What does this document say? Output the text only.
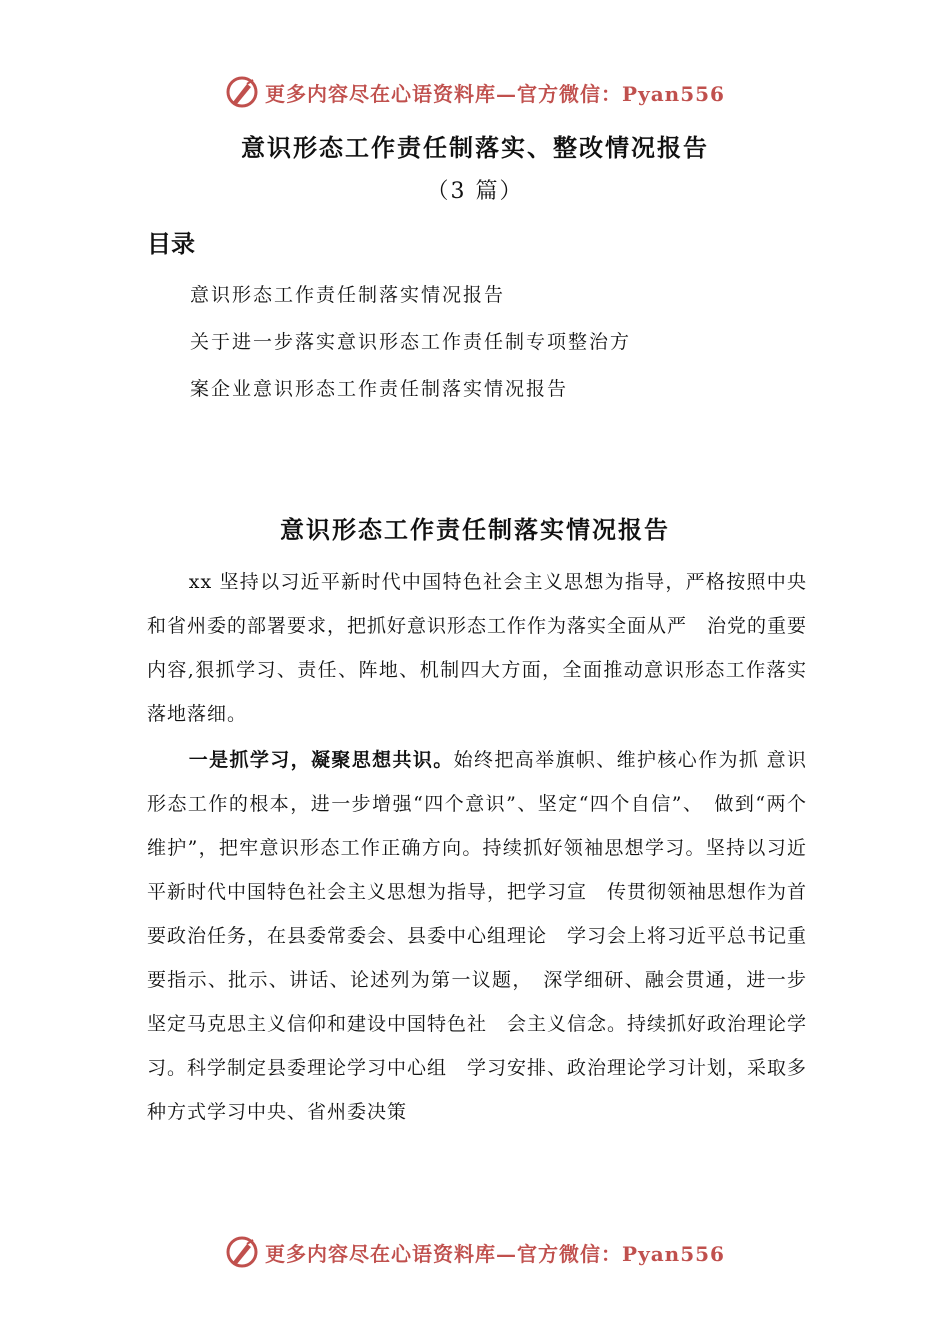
更多内容尽在心语资料库—官方微信：Pyan556
意识形态工作责任制落实、整改情况报告
（3 篇）
目录
意识形态工作责任制落实情况报告
关于进一步落实意识形态工作责任制专项整治方
案企业意识形态工作责任制落实情况报告
意识形态工作责任制落实情况报告

xx 坚持以习近平新时代中国特色社会主义思想为指导，严格按照中央和省州委的部署要求，把抓好意识形态工作作为落实全面从严　治党的重要内容,狠抓学习、责任、阵地、机制四大方面，全面推动意识形态工作落实落地落细。

一是抓学习，凝聚思想共识。始终把高举旗帜、维护核心作为抓 意识形态工作的根本，进一步增强“四个意识”、坚定“四个自信”、　做到“两个维护”，把牢意识形态工作正确方向。持续抓好领袖思想学习。坚持以习近平新时代中国特色社会主义思想为指导，把学习宣　传贯彻领袖思想作为首要政治任务，在县委常委会、县委中心组理论　学习会上将习近平总书记重要指示、批示、讲话、论述列为第一议题，　深学细研、融会贯通，进一步坚定马克思主义信仰和建设中国特色社　会主义信念。持续抓好政治理论学习。科学制定县委理论学习中心组　学习安排、政治理论学习计划，采取多种方式学习中央、省州委决策

更多内容尽在心语资料库—官方微信：Pyan556
